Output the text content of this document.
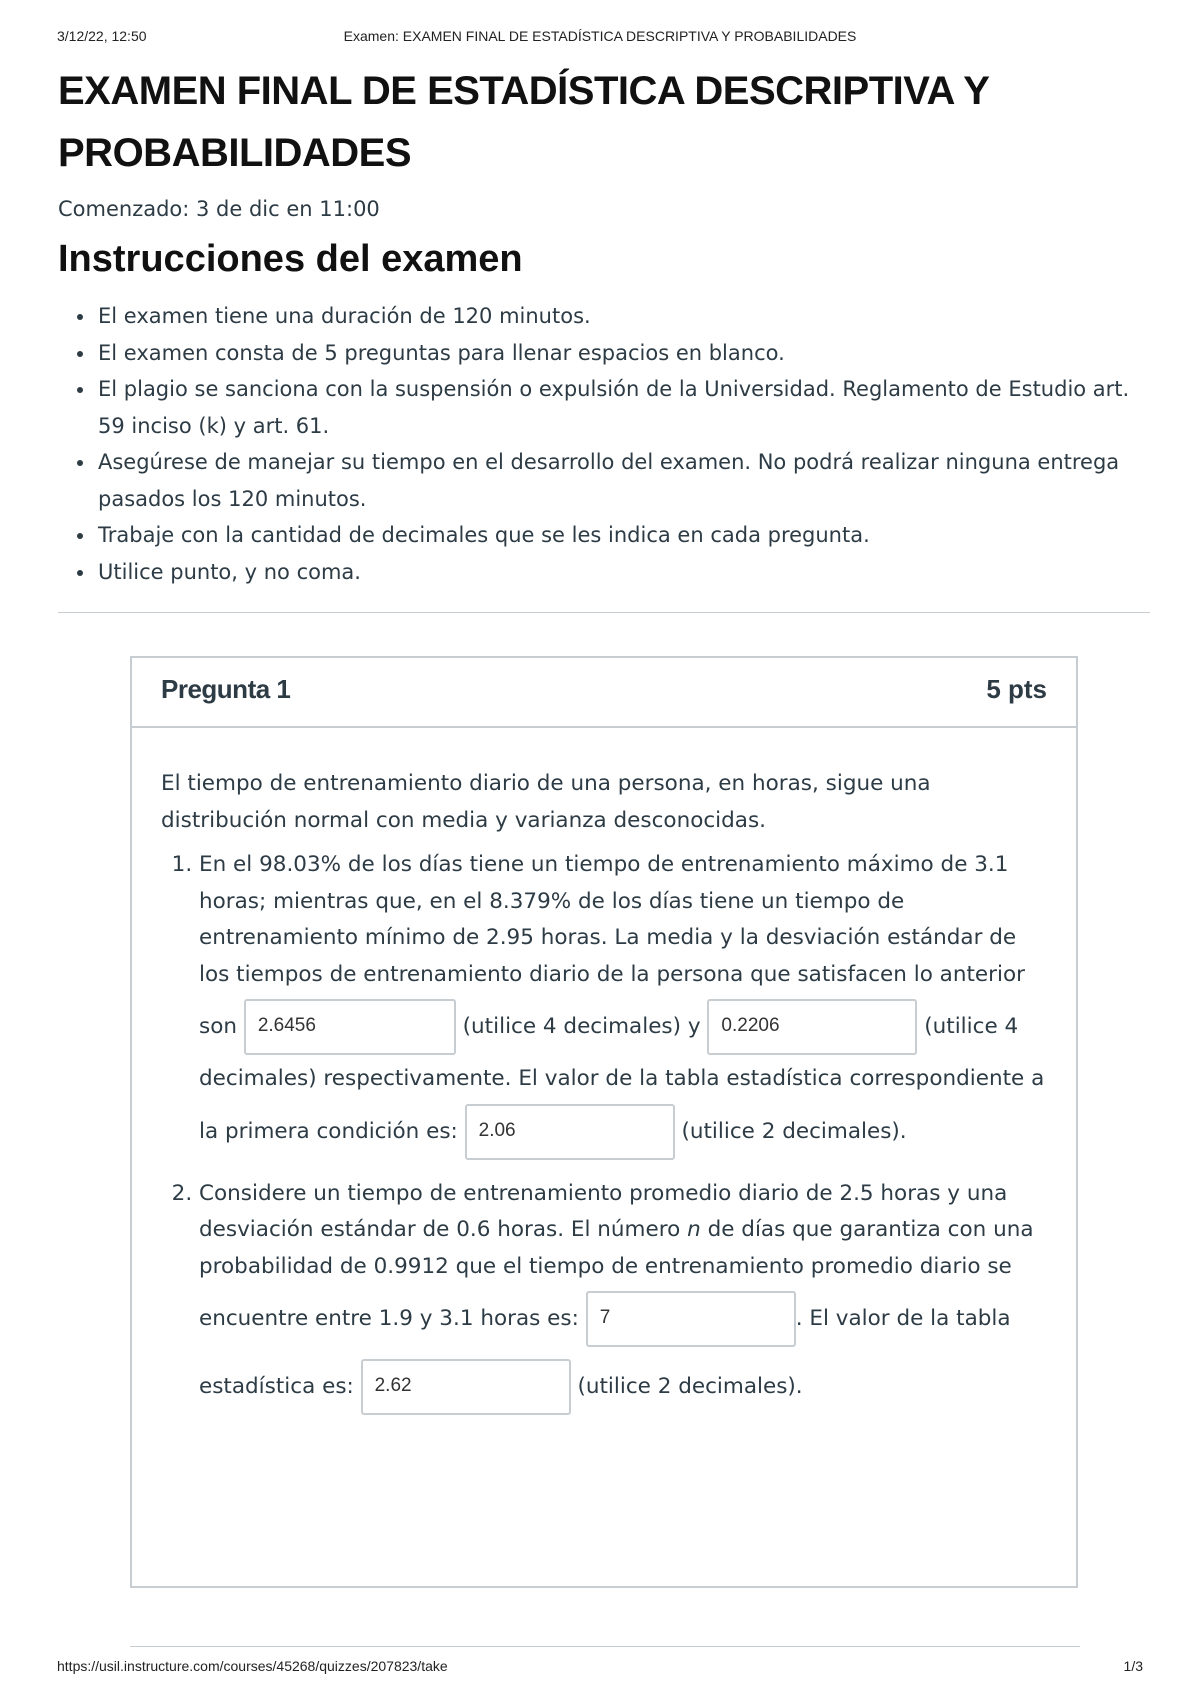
3/12/22, 12:50	Examen: EXAMEN FINAL DE ESTADÍSTICA DESCRIPTIVA Y PROBABILIDADES
EXAMEN FINAL DE ESTADÍSTICA DESCRIPTIVA Y PROBABILIDADES
Comenzado: 3 de dic en 11:00
Instrucciones del examen
• El examen tiene una duración de 120 minutos.
• El examen consta de 5 preguntas para llenar espacios en blanco.
• El plagio se sanciona con la suspensión o expulsión de la Universidad. Reglamento de Estudio art. 59 inciso (k) y art. 61.
• Asegúrese de manejar su tiempo en el desarrollo del examen. No podrá realizar ninguna entrega pasados los 120 minutos.
• Trabaje con la cantidad de decimales que se les indica en cada pregunta.
• Utilice punto, y no coma.
Pregunta 1	5 pts

El tiempo de entrenamiento diario de una persona, en horas, sigue una distribución normal con media y varianza desconocidas.

1. En el 98.03% de los días tiene un tiempo de entrenamiento máximo de 3.1 horas; mientras que, en el 8.379% de los días tiene un tiempo de entrenamiento mínimo de 2.95 horas. La media y la desviación estándar de los tiempos de entrenamiento diario de la persona que satisfacen lo anterior son 2.6456	(utilice 4 decimales) y 0.2206	(utilice 4 decimales) respectivamente. El valor de la tabla estadística correspondiente a la primera condición es: 2.06	(utilice 2 decimales).
2. Considere un tiempo de entrenamiento promedio diario de 2.5 horas y una desviación estándar de 0.6 horas. El número n de días que garantiza con una probabilidad de 0.9912 que el tiempo de entrenamiento promedio diario se encuentre entre 1.9 y 3.1 horas es: 7	. El valor de la tabla estadística es: 2.62	(utilice 2 decimales).
https://usil.instructure.com/courses/45268/quizzes/207823/take	1/3
